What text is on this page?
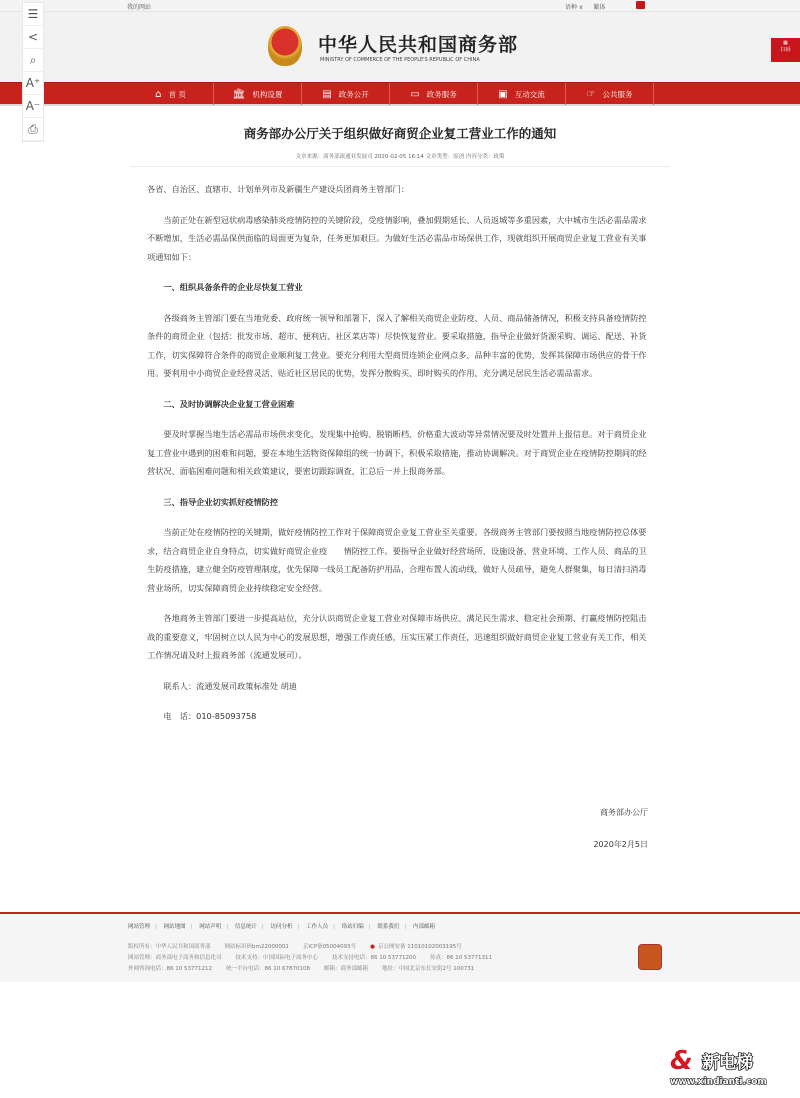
我的网站	语种 ∨ 繁体
中华人民共和国商务部
MINISTRY OF COMMERCE OF THE PEOPLE'S REPUBLIC OF CHINA
▦
扫码
⌂ 首 页	🏛 机构设置	▤ 政务公开	▭ 政务服务	▣ 互动交流	☞ 公共服务
☰
<
⌕
A⁺
A⁻
⎙	商务部办公厅关于组织做好商贸企业复工营业工作的通知
文章来源：商务部流通业发展司 2020-02-05 16:14 文章类型：原创 内容分类：政策

各省、自治区、直辖市、计划单列市及新疆生产建设兵团商务主管部门：

当前正处在新型冠状病毒感染肺炎疫情防控的关键阶段，受疫情影响，叠加假期延长、人员返城等多重因素，大中城市生活必需品需求不断增加，生活必需品保供面临的局面更为复杂，任务更加艰巨。为做好生活必需品市场保供工作，现就组织开展商贸企业复工营业有关事项通知如下：

一、组织具备条件的企业尽快复工营业

各级商务主管部门要在当地党委、政府统一领导和部署下，深入了解相关商贸企业防疫、人员、商品储备情况，积极支持具备疫情防控条件的商贸企业（包括：批发市场、超市、便利店、社区菜店等）尽快恢复营业。要采取措施，指导企业做好货源采购、调运、配送、补货工作，切实保障符合条件的商贸企业顺利复工营业。要充分利用大型商贸连锁企业网点多、品种丰富的优势，发挥其保障市场供应的骨干作用。要利用中小商贸企业经营灵活、贴近社区居民的优势，发挥分散购买、即时购买的作用，充分满足居民生活必需品需求。

二、及时协调解决企业复工营业困难

要及时掌握当地生活必需品市场供求变化，发现集中抢购、脱销断档、价格重大波动等异常情况要及时处置并上报信息。对于商贸企业复工营业中遇到的困难和问题，要在本地生活物资保障组的统一协调下，积极采取措施，推动协调解决。对于商贸企业在疫情防控期间的经营状况、面临困难问题和相关政策建议，要密切跟踪调查，汇总后一并上报商务部。

三、指导企业切实抓好疫情防控

当前正处在疫情防控的关键期，做好疫情防控工作对于保障商贸企业复工营业至关重要。各级商务主管部门要按照当地疫情防控总体要求，结合商贸企业自身特点，切实做好商贸企业疫　　情防控工作。要指导企业做好经营场所、设施设备、营业环境、工作人员、商品的卫生防疫措施，建立健全防疫管理制度，优先保障一线员工配备防护用品，合理布置人流动线，做好人员疏导，避免人群聚集，每日清扫消毒营业场所，切实保障商贸企业持续稳定安全经营。

各地商务主管部门要进一步提高站位，充分认识商贸企业复工营业对保障市场供应、满足民生需求、稳定社会预期、打赢疫情防控阻击战的重要意义，牢固树立以人民为中心的发展思想，增强工作责任感，压实压紧工作责任，迅速组织做好商贸企业复工营业有关工作，相关工作情况请及时上报商务部（流通发展司）。

联系人：流通发展司政策标准处 胡迪

电　话：010-85093758

商务部办公厅
2020年2月5日
网站管理 | 网站地图 | 网站声明 | 信息统计 | 访问分析 | 工作人员 | 络站归编 | 联系我们 | 内部邮箱
版权所有：中华人民共和国商务部	网站标识码bm22000001	京ICP备05004093号	● 京公网安备 11010102003195号
网站管理：商务部电子商务和信息化司	技术支持：中国国际电子商务中心	技术支持电话：86 10 53771200	传真：86 10 53771311
外网咨询电话：86 10 53771212	统一平台电话：86 10 67870108	邮箱：商务部邮箱	地址：中国北京东长安街2号 100731
& 新电梯
www.xindianti.com
